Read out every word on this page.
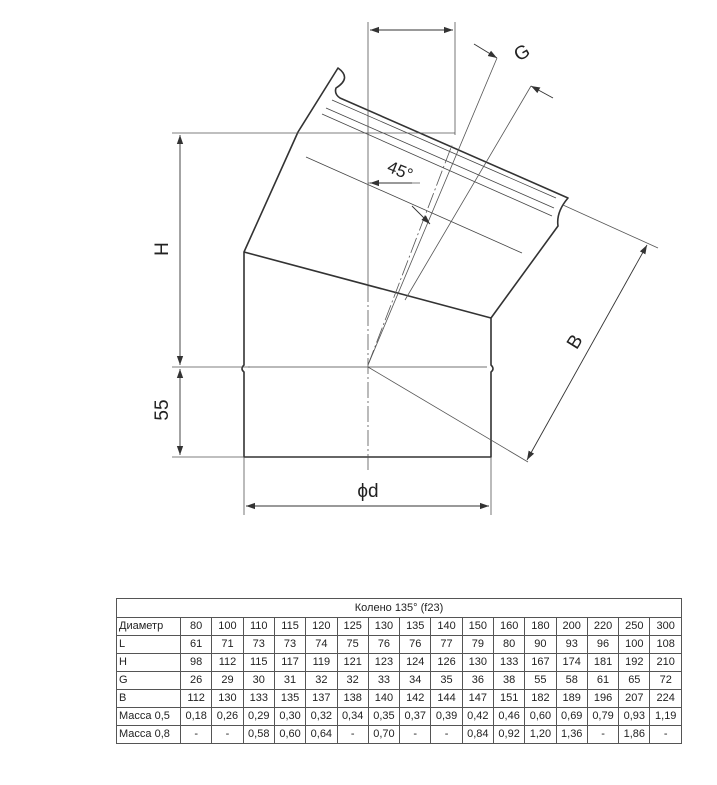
H
55
G
45°
B
ϕd
Колено 135° (f23)
Диаметр	80	100	110	115	120	125	130	135	140	150	160	180	200	220	250	300
L	61	71	73	73	74	75	76	76	77	79	80	90	93	96	100	108
H	98	112	115	117	119	121	123	124	126	130	133	167	174	181	192	210
G	26	29	30	31	32	32	33	34	35	36	38	55	58	61	65	72
B	112	130	133	135	137	138	140	142	144	147	151	182	189	196	207	224
Масса 0,5	0,18	0,26	0,29	0,30	0,32	0,34	0,35	0,37	0,39	0,42	0,46	0,60	0,69	0,79	0,93	1,19
Масса 0,8	-	-	0,58	0,60	0,64	-	0,70	-	-	0,84	0,92	1,20	1,36	-	1,86	-
